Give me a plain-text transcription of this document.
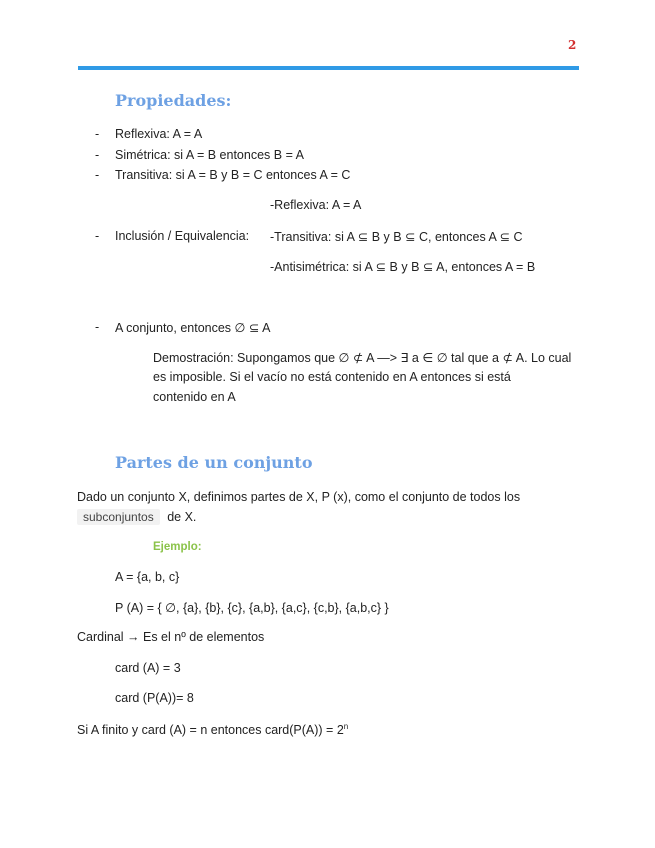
2
Propiedades:
- Reflexiva: A = A
- Simétrica: si A = B entonces B = A
- Transitiva: si A = B y B = C entonces A = C
-Reflexiva: A = A
- Inclusión / Equivalencia: -Transitiva: si A ⊆ B y B ⊆ C, entonces A ⊆ C
-Antisimétrica: si A ⊆ B y B ⊆ A, entonces A = B
- A conjunto, entonces ∅ ⊆ A
Demostración: Supongamos que ∅ ⊄ A —> ∃ a ∈ ∅ tal que a ⊄ A. Lo cual
es imposible. Si el vacío no está contenido en A entonces si está
contenido en A
Partes de un conjunto
Dado un conjunto X, definimos partes de X, P (x), como el conjunto de todos los
subconjuntos de X.
Ejemplo:
A = {a, b, c}
P (A) = { ∅, {a}, {b}, {c}, {a,b}, {a,c}, {c,b}, {a,b,c} }
Cardinal → Es el nº de elementos
card (A) = 3
card (P(A))= 8
Si A finito y card (A) = n entonces card(P(A)) = $2^n$
